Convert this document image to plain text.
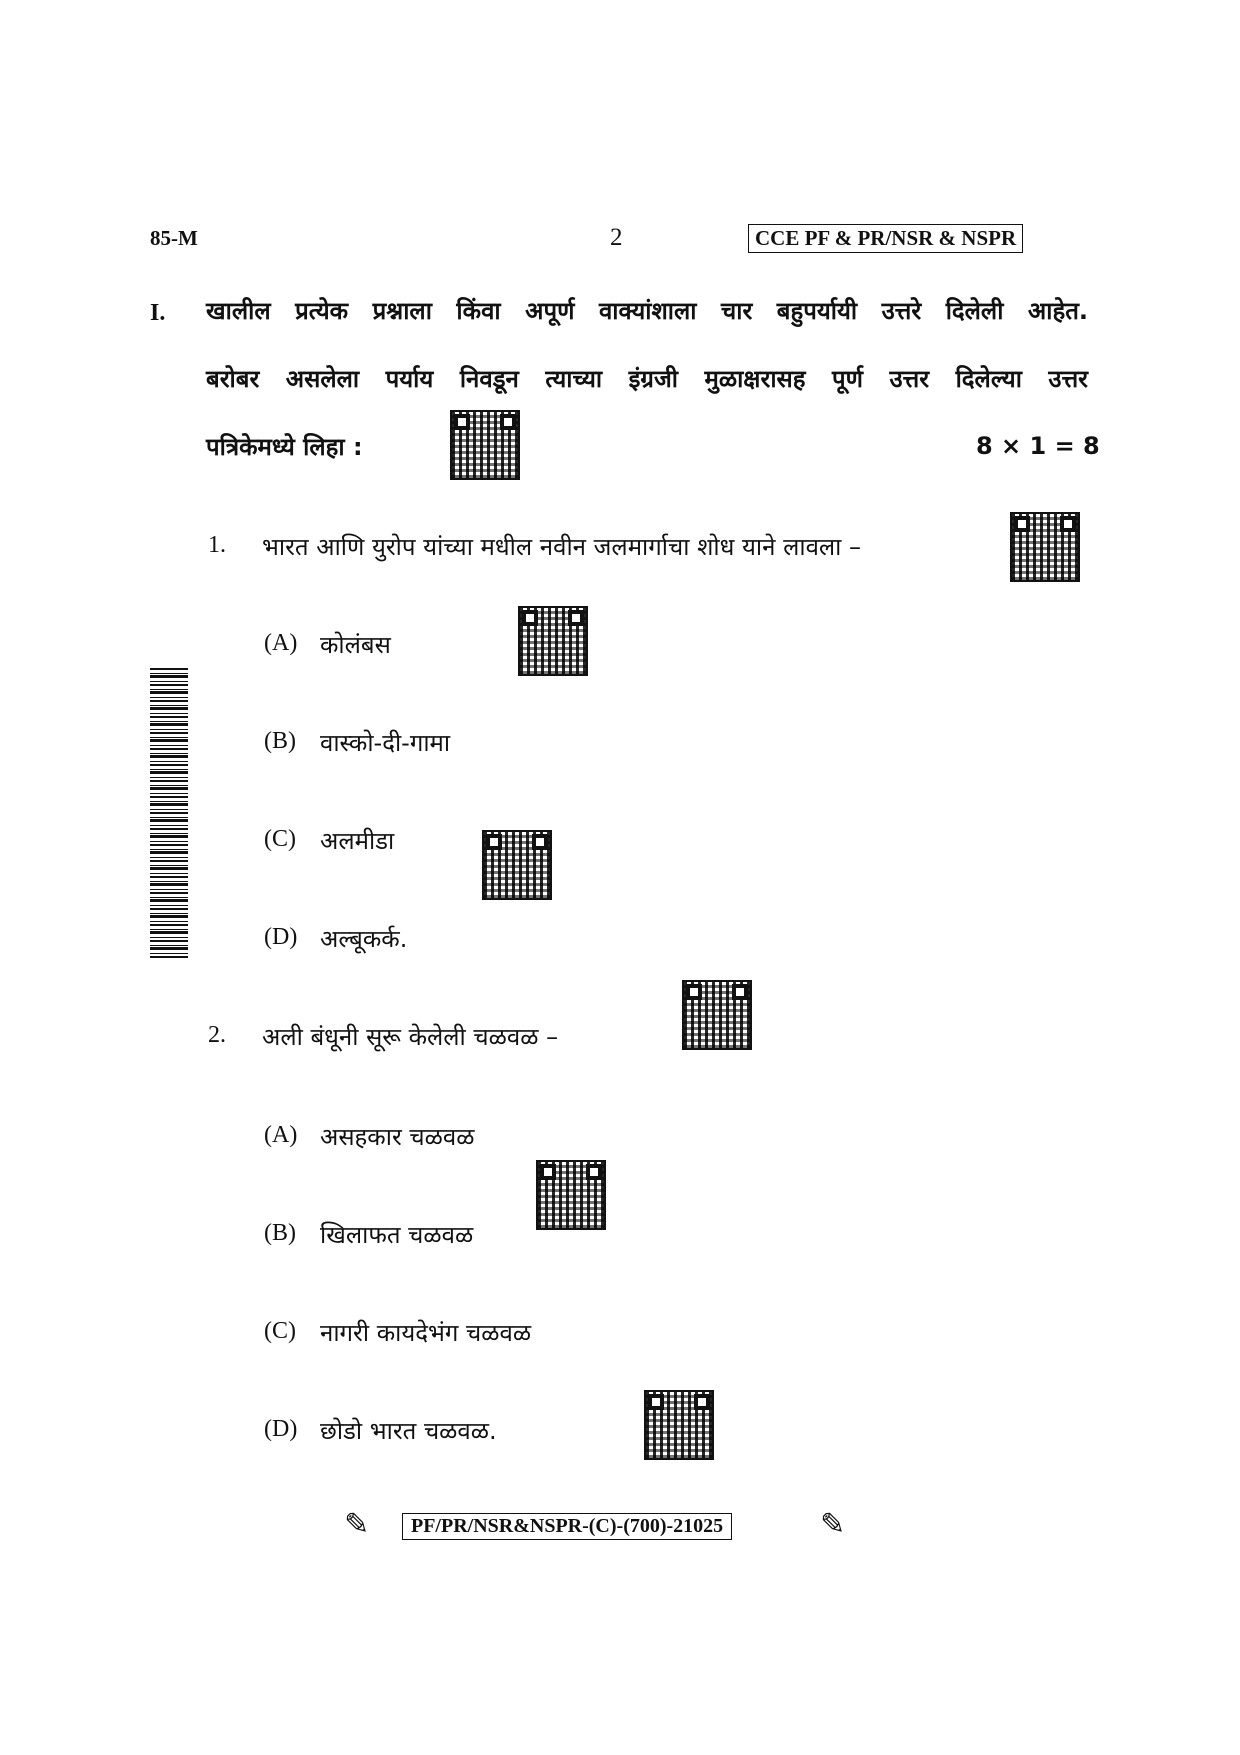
85-M	2	CCE PF & PR/NSR & NSPR
I. खालील प्रत्येक प्रश्नाला किंवा अपूर्ण वाक्यांशाला चार बहुपर्यायी उत्तरे दिलेली आहेत.
बरोबर असलेला पर्याय निवडून त्याच्या इंग्रजी मुळाक्षरासह पूर्ण उत्तर दिलेल्या उत्तर
पत्रिकेमध्ये लिहा :	8 × 1 = 8
1. भारत आणि युरोप यांच्या मधील नवीन जलमार्गाचा शोध याने लावला –
(A) कोलंबस
(B) वास्को-दी-गामा
(C) अलमीडा
(D) अल्बूकर्क.
2. अली बंधूनी सूरू केलेली चळवळ –
(A) असहकार चळवळ
(B) खिलाफत चळवळ
(C) नागरी कायदेभंग चळवळ
(D) छोडो भारत चळवळ.
✎	PF/PR/NSR&NSPR-(C)-(700)-21025	✎
